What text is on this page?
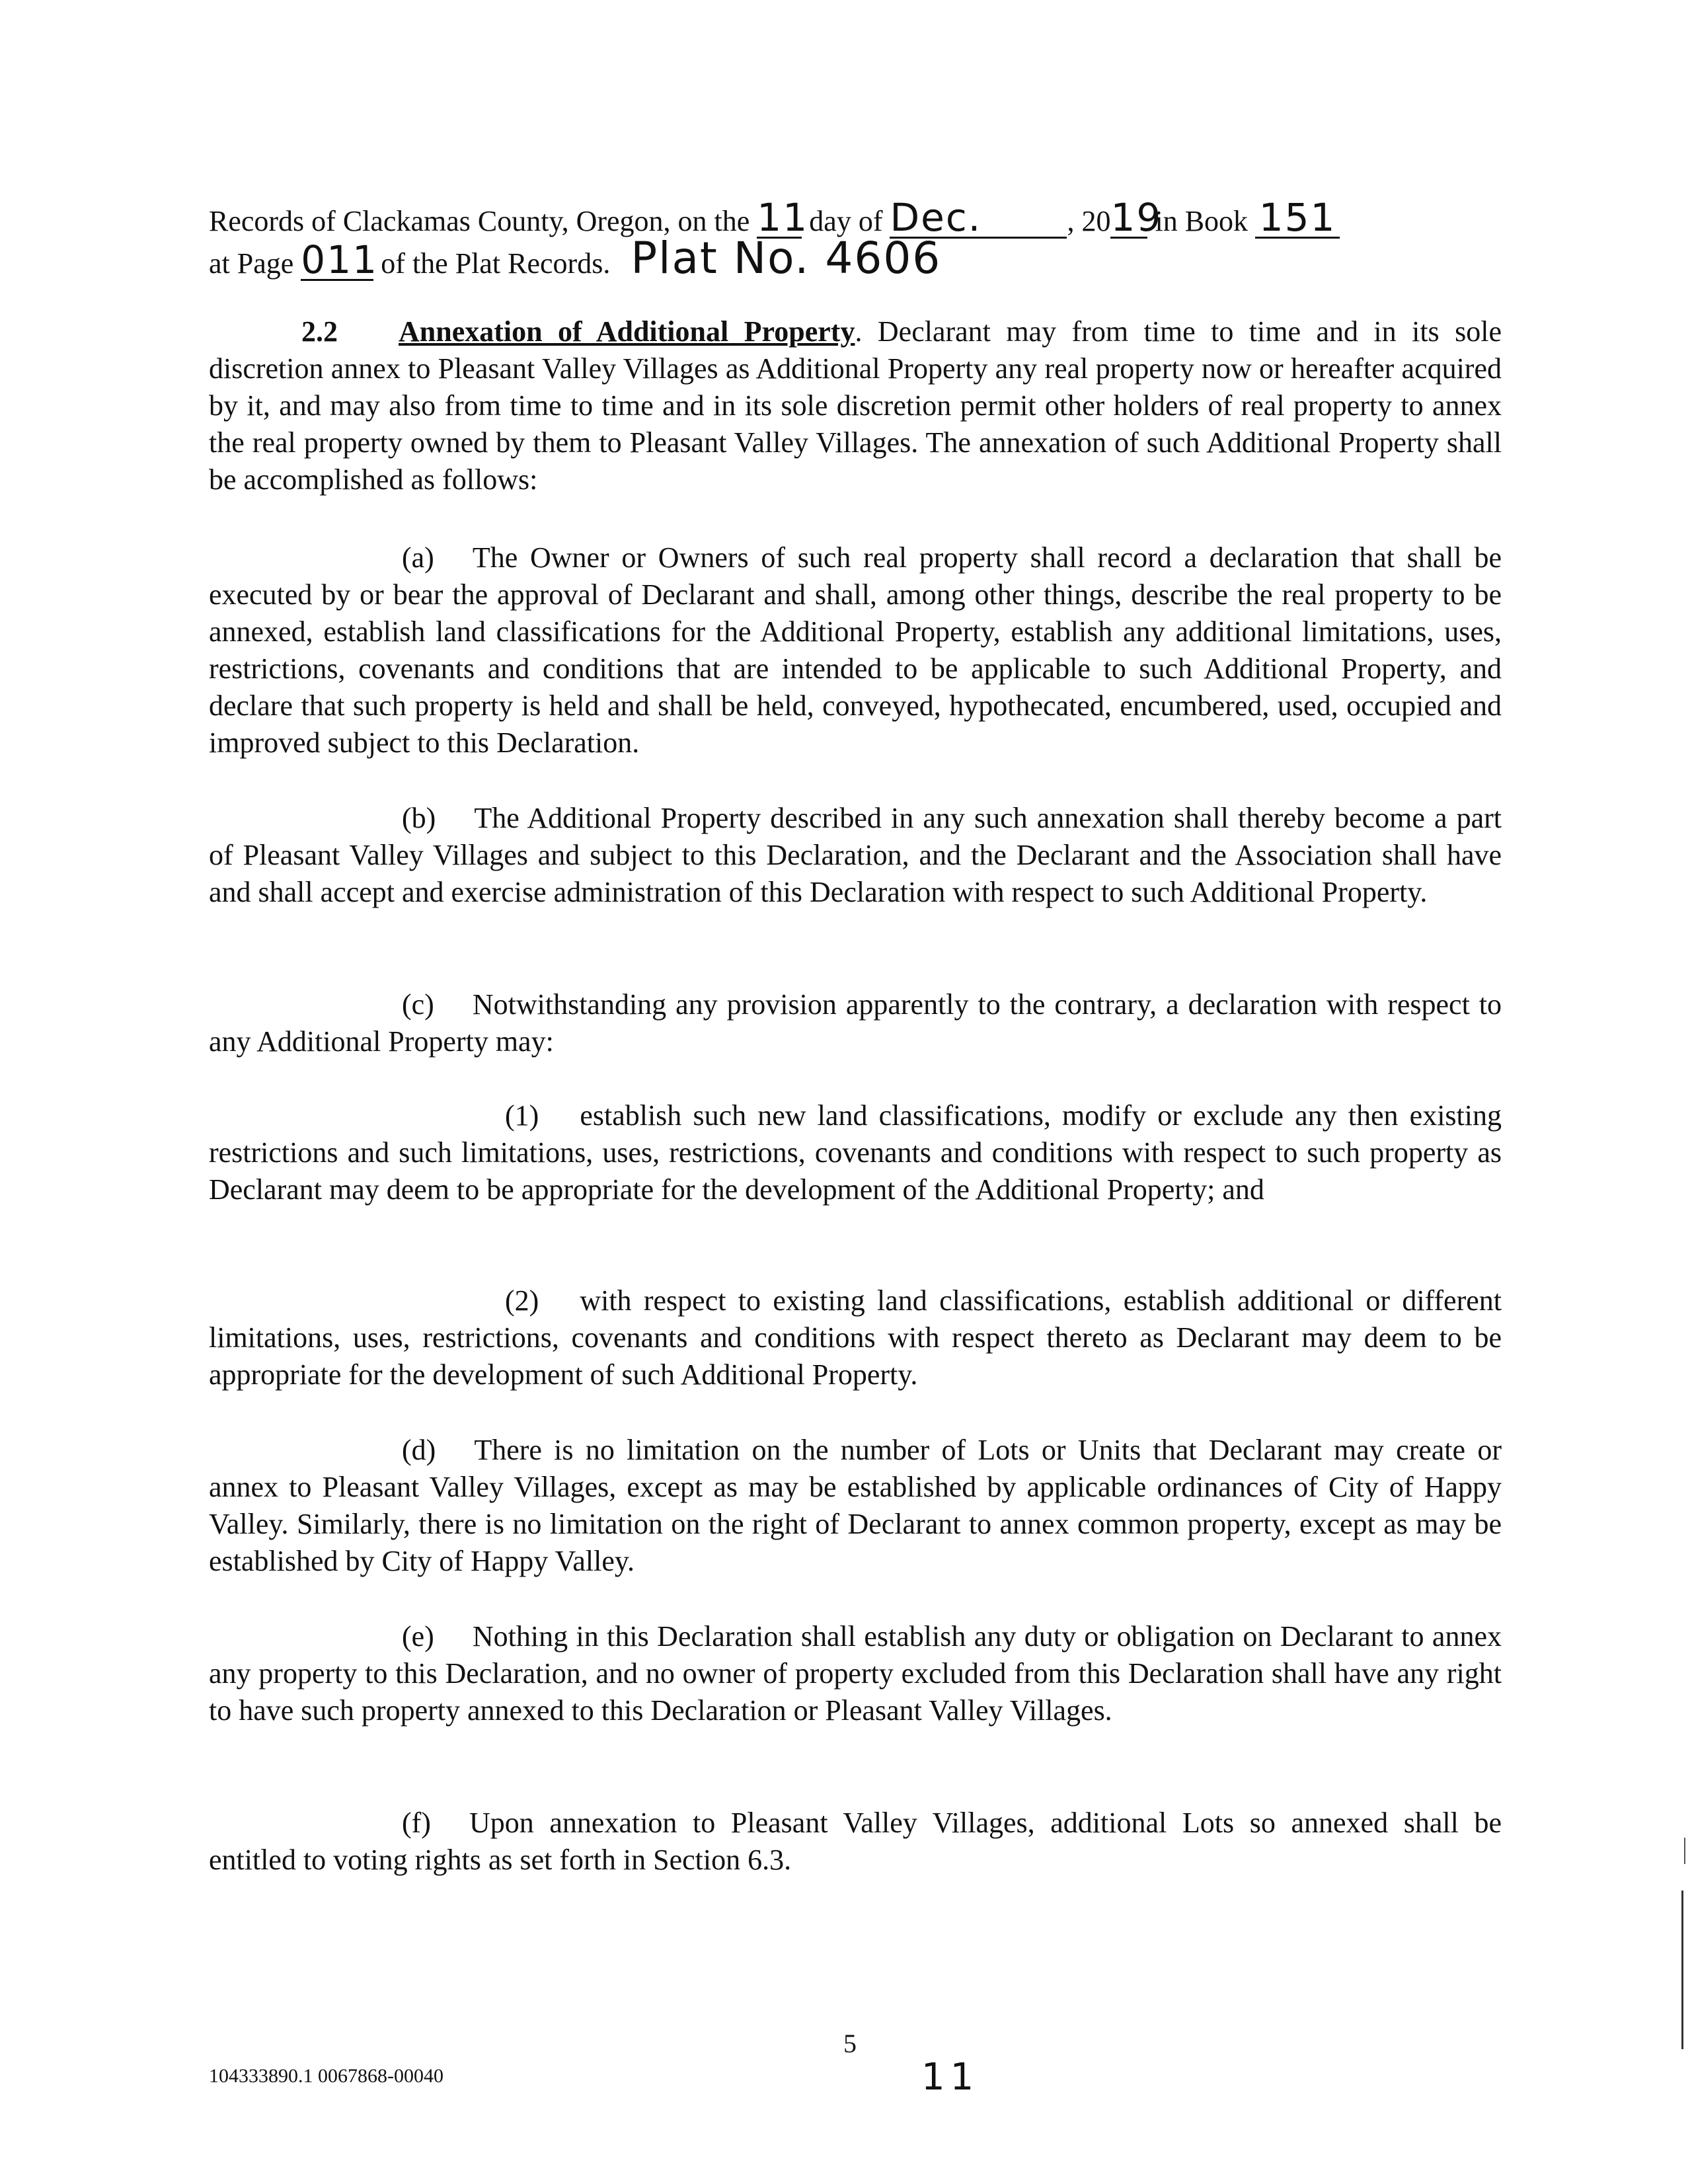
Records of Clackamas County, Oregon, on the 11 day of Dec.	, 2019 in Book 151

at Page 011 of the Plat Records. Plat No. 4606

2.2 Annexation of Additional Property. Declarant may from time to time and in its sole discretion annex to Pleasant Valley Villages as Additional Property any real property now or hereafter acquired by it, and may also from time to time and in its sole discretion permit other holders of real property to annex the real property owned by them to Pleasant Valley Villages. The annexation of such Additional Property shall be accomplished as follows:

(a) The Owner or Owners of such real property shall record a declaration that shall be executed by or bear the approval of Declarant and shall, among other things, describe the real property to be annexed, establish land classifications for the Additional Property, establish any additional limitations, uses, restrictions, covenants and conditions that are intended to be applicable to such Additional Property, and declare that such property is held and shall be held, conveyed, hypothecated, encumbered, used, occupied and improved subject to this Declaration.

(b) The Additional Property described in any such annexation shall thereby become a part of Pleasant Valley Villages and subject to this Declaration, and the Declarant and the Association shall have and shall accept and exercise administration of this Declaration with respect to such Additional Property.

(c) Notwithstanding any provision apparently to the contrary, a declaration with respect to any Additional Property may:

(1) establish such new land classifications, modify or exclude any then existing restrictions and such limitations, uses, restrictions, covenants and conditions with respect to such property as Declarant may deem to be appropriate for the development of the Additional Property; and

(2) with respect to existing land classifications, establish additional or different limitations, uses, restrictions, covenants and conditions with respect thereto as Declarant may deem to be appropriate for the development of such Additional Property.

(d) There is no limitation on the number of Lots or Units that Declarant may create or annex to Pleasant Valley Villages, except as may be established by applicable ordinances of City of Happy Valley. Similarly, there is no limitation on the right of Declarant to annex common property, except as may be established by City of Happy Valley.

(e) Nothing in this Declaration shall establish any duty or obligation on Declarant to annex any property to this Declaration, and no owner of property excluded from this Declaration shall have any right to have such property annexed to this Declaration or Pleasant Valley Villages.

(f) Upon annexation to Pleasant Valley Villages, additional Lots so annexed shall be entitled to voting rights as set forth in Section 6.3.

5
11
104333890.1 0067868-00040
